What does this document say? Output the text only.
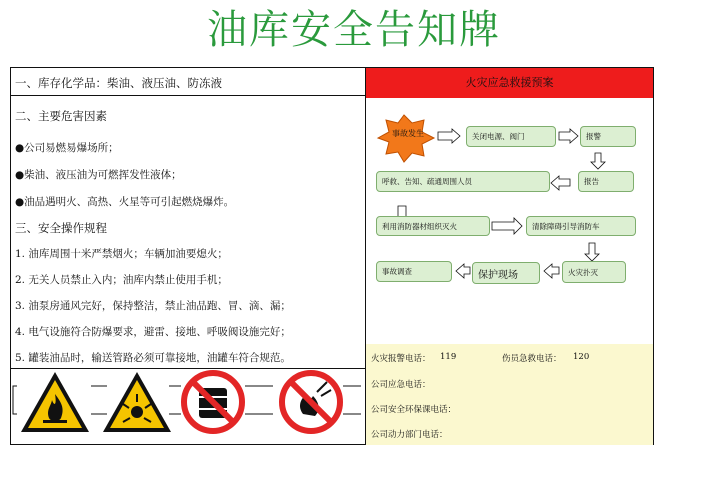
油库安全告知牌
一、库存化学品：柴油、液压油、防冻液
二、主要危害因素
●公司易燃易爆场所；
●柴油、液压油为可燃挥发性液体；
●油品遇明火、高热、火星等可引起燃烧爆炸。
三、安全操作规程
1. 油库周围十米严禁烟火；车辆加油要熄火；
2. 无关人员禁止入内；油库内禁止使用手机；
3. 油泵房通风完好，保持整洁，禁止油品跑、冒、滴、漏；
4. 电气设施符合防爆要求，避雷、接地、呼吸阀设施完好；
5. 罐装油品时，输送管路必须可靠接地，油罐车符合规范。
火灾应急救援预案
事故发生	关闭电源、阀门	报警
报告
呼救、告知、疏通周围人员
利用消防器材组织灭火	清除障碍引导消防车
火灾扑灭
保护现场
事故调查
火灾报警电话： 119	伤员急救电话： 120
公司应急电话：
公司安全环保课电话：
公司动力部门电话：
